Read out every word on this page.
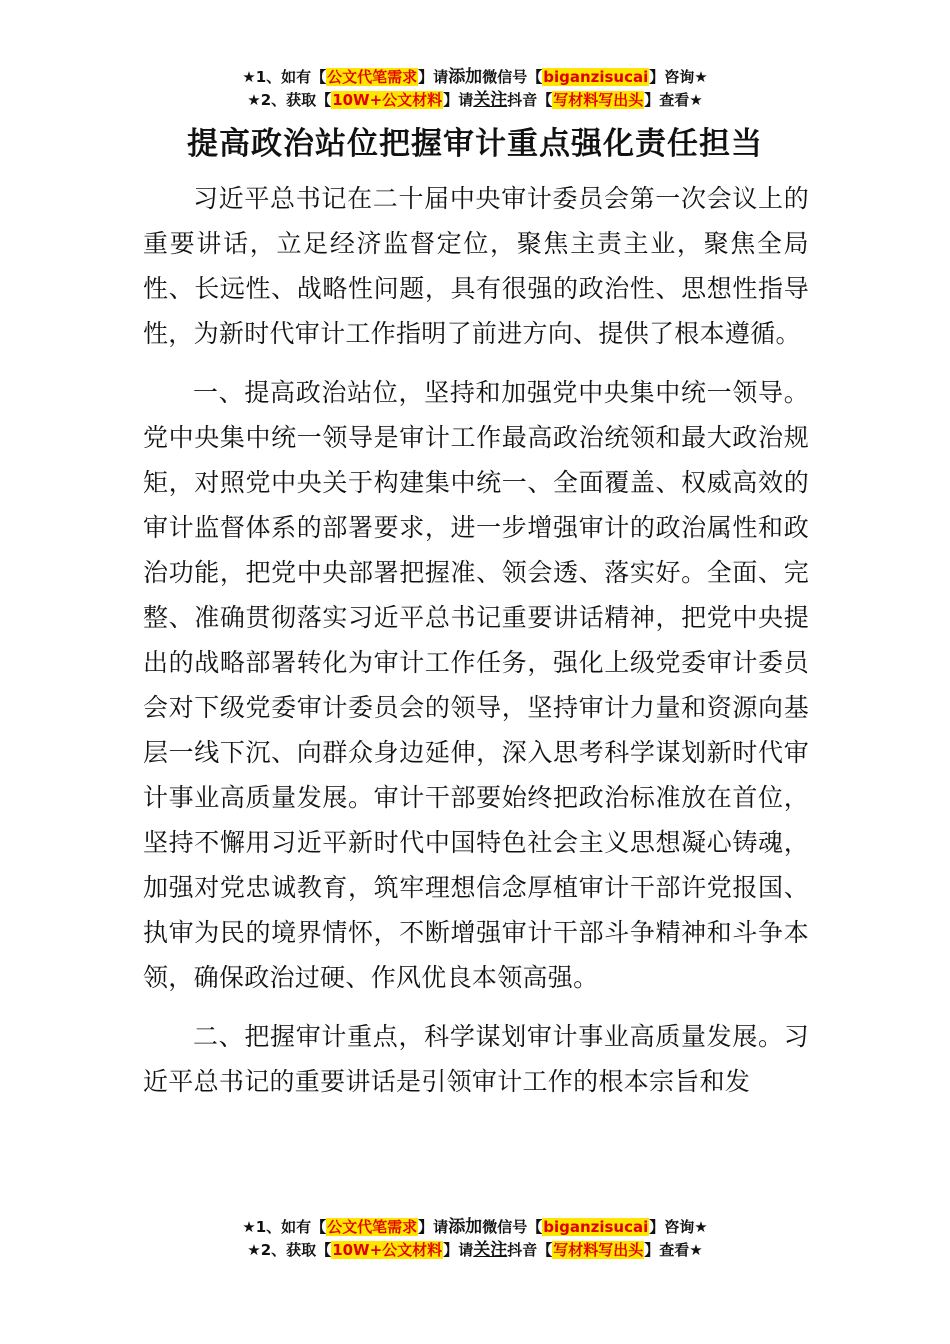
★1、如有【公文代笔需求】请添加微信号【biganzisucai】咨询★
★2、获取【10W+公文材料】请关注抖音【写材料写出头】查看★
提高政治站位把握审计重点强化责任担当

习近平总书记在二十届中央审计委员会第一次会议上的重要讲话，立足经济监督定位，聚焦主责主业，聚焦全局性、长远性、战略性问题，具有很强的政治性、思想性指导性，为新时代审计工作指明了前进方向、提供了根本遵循。

一、提高政治站位，坚持和加强党中央集中统一领导。党中央集中统一领导是审计工作最高政治统领和最大政治规矩，对照党中央关于构建集中统一、全面覆盖、权威高效的审计监督体系的部署要求，进一步增强审计的政治属性和政治功能，把党中央部署把握准、领会透、落实好。全面、完整、准确贯彻落实习近平总书记重要讲话精神，把党中央提出的战略部署转化为审计工作任务，强化上级党委审计委员会对下级党委审计委员会的领导，坚持审计力量和资源向基层一线下沉、向群众身边延伸，深入思考科学谋划新时代审计事业高质量发展。审计干部要始终把政治标准放在首位，坚持不懈用习近平新时代中国特色社会主义思想凝心铸魂，加强对党忠诚教育，筑牢理想信念厚植审计干部许党报国、执审为民的境界情怀，不断增强审计干部斗争精神和斗争本领，确保政治过硬、作风优良本领高强。

二、把握审计重点，科学谋划审计事业高质量发展。习近平总书记的重要讲话是引领审计工作的根本宗旨和发

★1、如有【公文代笔需求】请添加微信号【biganzisucai】咨询★
★2、获取【10W+公文材料】请关注抖音【写材料写出头】查看★
